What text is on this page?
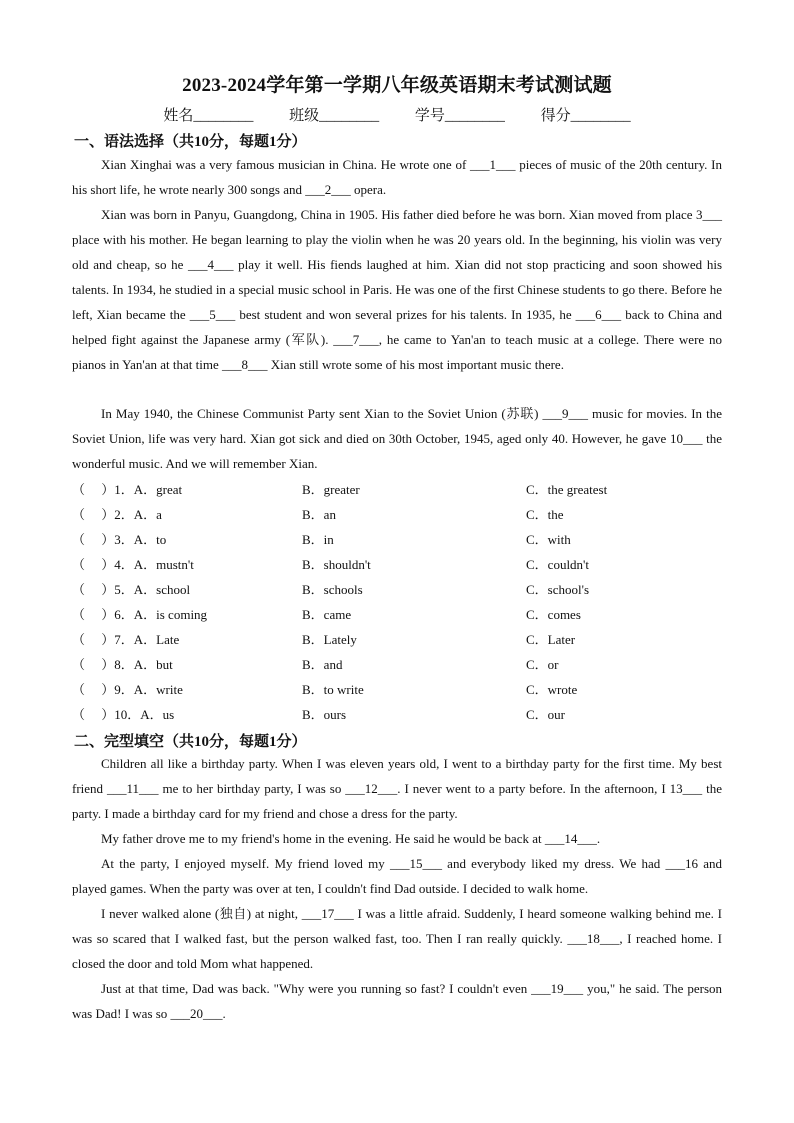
2023-2024学年第一学期八年级英语期末考试测试题
姓名________ 班级________ 学号________ 得分________
一、语法选择（共10分，每题1分）

Xian Xinghai was a very famous musician in China. He wrote one of ___1___ pieces of music of the 20th century. In his short life, he wrote nearly 300 songs and ___2___ opera.

Xian was born in Panyu, Guangdong, China in 1905. His father died before he was born. Xian moved from place 3___ place with his mother. He began learning to play the violin when he was 20 years old. In the beginning, his violin was very old and cheap, so he ___4___ play it well. His fiends laughed at him. Xian did not stop practicing and soon showed his talents. In 1934, he studied in a special music school in Paris. He was one of the first Chinese students to go there. Before he left, Xian became the ___5___ best student and won several prizes for his talents. In 1935, he ___6___ back to China and helped fight against the Japanese army (军队). ___7___, he came to Yan'an to teach music at a college. There were no pianos in Yan'an at that time ___8___ Xian still wrote some of his most important music there.

In May 1940, the Chinese Communist Party sent Xian to the Soviet Union (苏联) ___9___ music for movies. In the Soviet Union, life was very hard. Xian got sick and died on 30th October, 1945, aged only 40. However, he gave 10___ the wonderful music. And we will remember Xian.

（　 ）1．A．great	B．greater	C．the greatest
（　 ）2．A．a	B．an	C．the
（　 ）3．A．to	B．in	C．with
（　 ）4．A．mustn't	B．shouldn't	C．couldn't
（　 ）5．A．school	B．schools	C．school's
（　 ）6．A．is coming	B．came	C．comes
（　 ）7．A．Late	B．Lately	C．Later
（　 ）8．A．but	B．and	C．or
（　 ）9．A．write	B．to write	C．wrote
（　 ）10．A．us	B．ours	C．our
二、完型填空（共10分，每题1分）

Children all like a birthday party. When I was eleven years old, I went to a birthday party for the first time. My best friend ___11___ me to her birthday party, I was so ___12___. I never went to a party before. In the afternoon, I 13___ the party. I made a birthday card for my friend and chose a dress for the party.

My father drove me to my friend's home in the evening. He said he would be back at ___14___.

At the party, I enjoyed myself. My friend loved my ___15___ and everybody liked my dress. We had ___16 and played games. When the party was over at ten, I couldn't find Dad outside. I decided to walk home.

I never walked alone (独自) at night, ___17___ I was a little afraid. Suddenly, I heard someone walking behind me. I was so scared that I walked fast, but the person walked fast, too. Then I ran really quickly. ___18___, I reached home. I closed the door and told Mom what happened.

Just at that time, Dad was back. "Why were you running so fast? I couldn't even ___19___ you," he said. The person was Dad! I was so ___20___.
